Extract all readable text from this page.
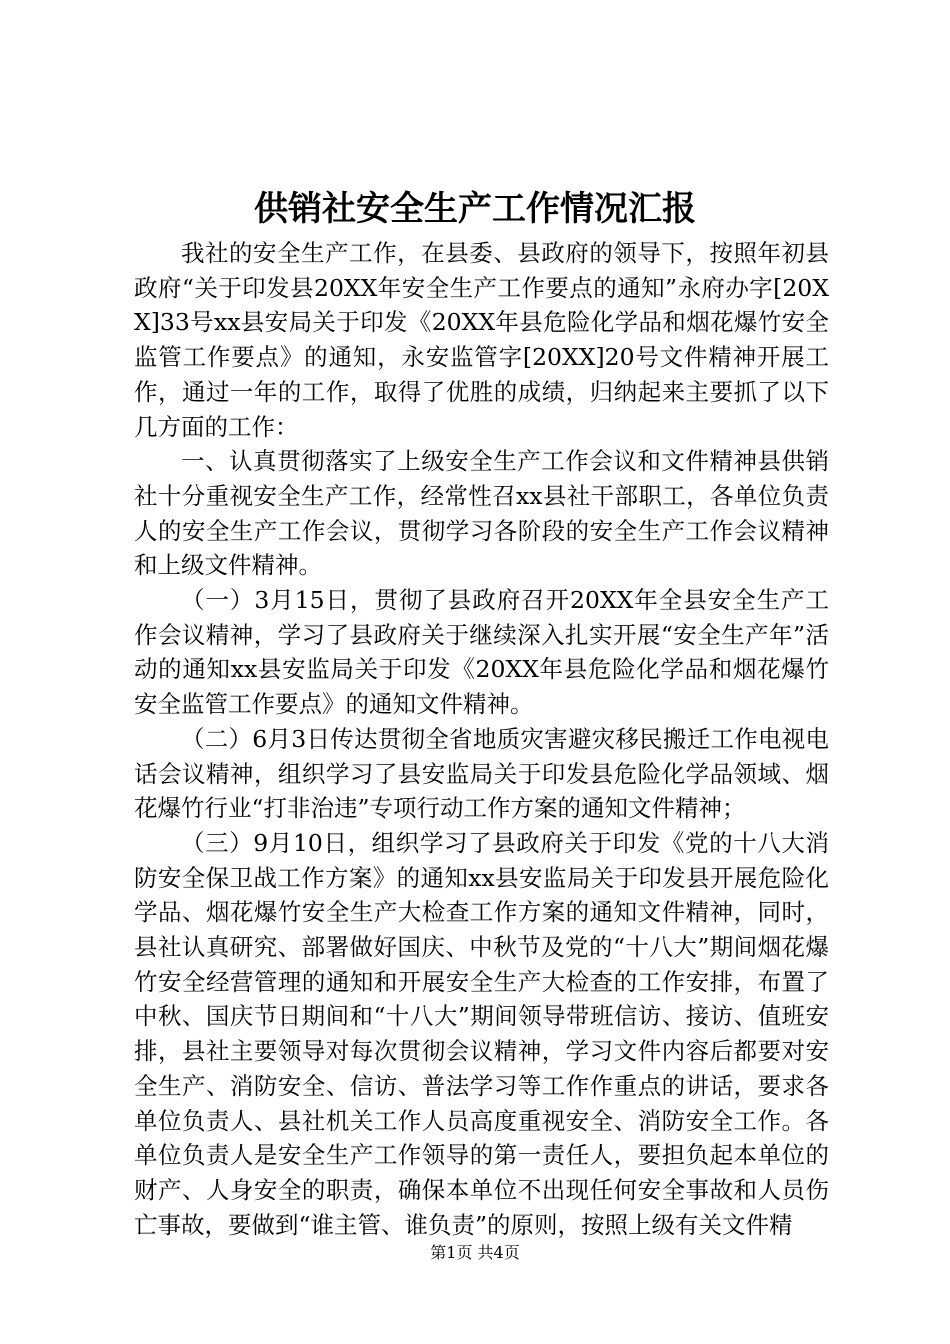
供销社安全生产工作情况汇报

我社的安全生产工作，在县委、县政府的领导下，按照年初县政府“关于印发县20XX年安全生产工作要点的通知”永府办字[20XX]33号xx县安局关于印发《20XX年县危险化学品和烟花爆竹安全监管工作要点》的通知，永安监管字[20XX]20号文件精神开展工作，通过一年的工作，取得了优胜的成绩，归纳起来主要抓了以下几方面的工作：

一、认真贯彻落实了上级安全生产工作会议和文件精神县供销社十分重视安全生产工作，经常性召xx县社干部职工，各单位负责人的安全生产工作会议，贯彻学习各阶段的安全生产工作会议精神和上级文件精神。

（一）3月15日，贯彻了县政府召开20XX年全县安全生产工作会议精神，学习了县政府关于继续深入扎实开展“安全生产年”活动的通知xx县安监局关于印发《20XX年县危险化学品和烟花爆竹安全监管工作要点》的通知文件精神。

（二）6月3日传达贯彻全省地质灾害避灾移民搬迁工作电视电话会议精神，组织学习了县安监局关于印发县危险化学品领域、烟花爆竹行业“打非治违”专项行动工作方案的通知文件精神；

（三）9月10日，组织学习了县政府关于印发《党的十八大消防安全保卫战工作方案》的通知xx县安监局关于印发县开展危险化学品、烟花爆竹安全生产大检查工作方案的通知文件精神，同时，县社认真研究、部署做好国庆、中秋节及党的“十八大”期间烟花爆竹安全经营管理的通知和开展安全生产大检查的工作安排，布置了中秋、国庆节日期间和“十八大”期间领导带班信访、接访、值班安排，县社主要领导对每次贯彻会议精神，学习文件内容后都要对安全生产、消防安全、信访、普法学习等工作作重点的讲话，要求各单位负责人、县社机关工作人员高度重视安全、消防安全工作。各单位负责人是安全生产工作领导的第一责任人，要担负起本单位的财产、人身安全的职责，确保本单位不出现任何安全事故和人员伤亡事故，要做到“谁主管、谁负责”的原则，按照上级有关文件精

第1页 共4页
